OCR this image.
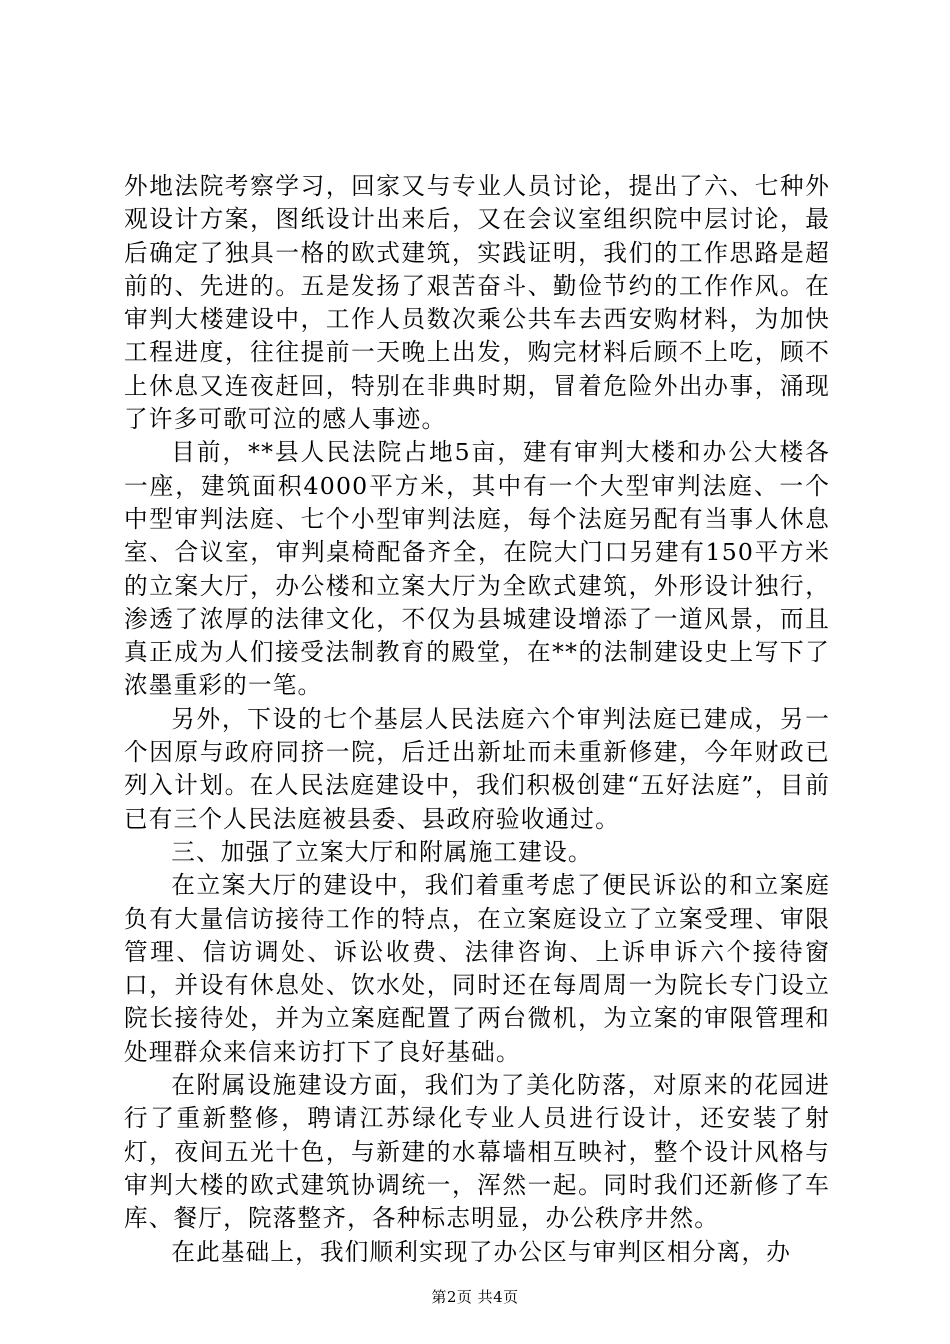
外地法院考察学习，回家又与专业人员讨论，提出了六、七种外观设计方案，图纸设计出来后，又在会议室组织院中层讨论，最后确定了独具一格的欧式建筑，实践证明，我们的工作思路是超前的、先进的。五是发扬了艰苦奋斗、勤俭节约的工作作风。在审判大楼建设中，工作人员数次乘公共车去西安购材料，为加快工程进度，往往提前一天晚上出发，购完材料后顾不上吃，顾不上休息又连夜赶回，特别在非典时期，冒着危险外出办事，涌现了许多可歌可泣的感人事迹。

目前，**县人民法院占地5亩，建有审判大楼和办公大楼各一座，建筑面积4000平方米，其中有一个大型审判法庭、一个中型审判法庭、七个小型审判法庭，每个法庭另配有当事人休息室、合议室，审判桌椅配备齐全，在院大门口另建有150平方米的立案大厅，办公楼和立案大厅为全欧式建筑，外形设计独行，渗透了浓厚的法律文化，不仅为县城建设增添了一道风景，而且真正成为人们接受法制教育的殿堂，在**的法制建设史上写下了浓墨重彩的一笔。

另外，下设的七个基层人民法庭六个审判法庭已建成，另一个因原与政府同挤一院，后迁出新址而未重新修建，今年财政已列入计划。在人民法庭建设中，我们积极创建“五好法庭”，目前已有三个人民法庭被县委、县政府验收通过。

三、加强了立案大厅和附属施工建设。

在立案大厅的建设中，我们着重考虑了便民诉讼的和立案庭负有大量信访接待工作的特点，在立案庭设立了立案受理、审限管理、信访调处、诉讼收费、法律咨询、上诉申诉六个接待窗口，并设有休息处、饮水处，同时还在每周周一为院长专门设立院长接待处，并为立案庭配置了两台微机，为立案的审限管理和处理群众来信来访打下了良好基础。

在附属设施建设方面，我们为了美化防落，对原来的花园进行了重新整修，聘请江苏绿化专业人员进行设计，还安装了射灯，夜间五光十色，与新建的水幕墙相互映衬，整个设计风格与审判大楼的欧式建筑协调统一，浑然一起。同时我们还新修了车库、餐厅，院落整齐，各种标志明显，办公秩序井然。

在此基础上，我们顺利实现了办公区与审判区相分离，办

第2页 共4页
